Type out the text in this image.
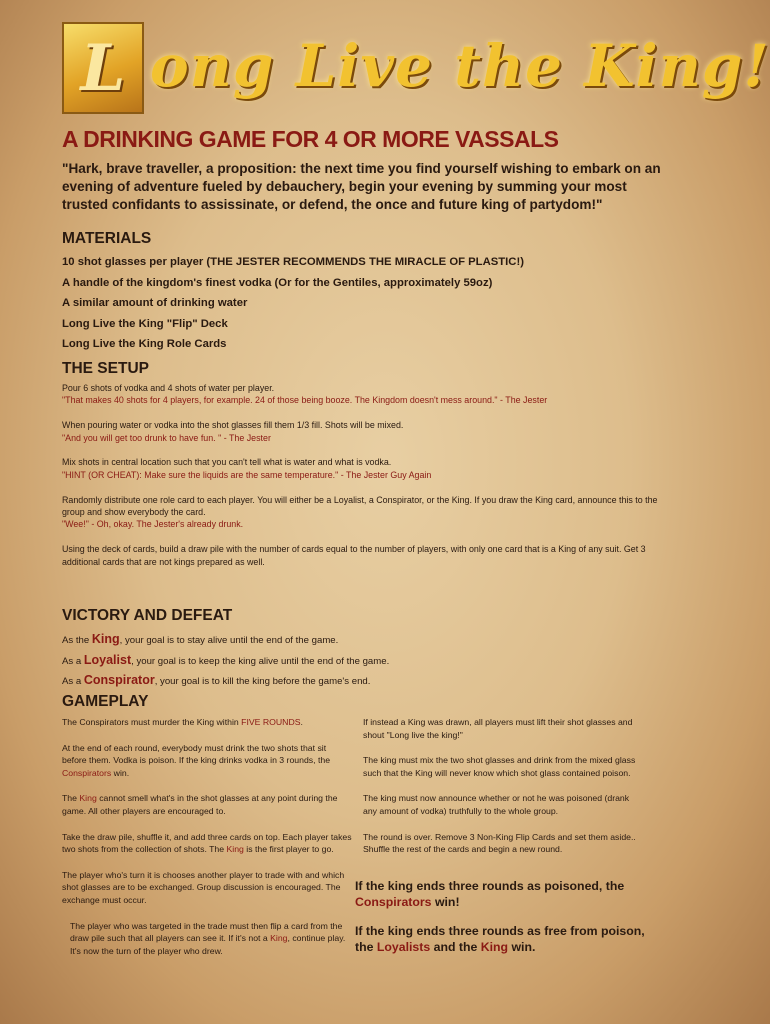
L ong Live the King!
A DRINKING GAME FOR 4 OR MORE VASSALS
"Hark, brave traveller, a proposition: the next time you find yourself wishing to embark on an evening of adventure fueled by debauchery, begin your evening by summing your most trusted confidants to assissinate, or defend, the once and future king of partydom!"
MATERIALS
10 shot glasses per player (THE JESTER RECOMMENDS THE MIRACLE OF PLASTIC!)
A handle of the kingdom's finest vodka (Or for the Gentiles, approximately 59oz)
A similar amount of drinking water
Long Live the King "Flip" Deck
Long Live the King Role Cards
THE SETUP

Pour 6 shots of vodka and 4 shots of water per player.
"That makes 40 shots for 4 players, for example. 24 of those being booze. The Kingdom doesn't mess around." - The Jester

When pouring water or vodka into the shot glasses fill them 1/3 fill. Shots will be mixed.
"And you will get too drunk to have fun. " - The Jester

Mix shots in central location such that you can't tell what is water and what is vodka.
"HINT (OR CHEAT): Make sure the liquids are the same temperature." - The Jester Guy Again

Randomly distribute one role card to each player. You will either be a Loyalist, a Conspirator, or the King. If you draw the King card, announce this to the group and show everybody the card.
"Wee!" - Oh, okay. The Jester's already drunk.

Using the deck of cards, build a draw pile with the number of cards equal to the number of players, with only one card that is a King of any suit. Get 3 additional cards that are not kings prepared as well.

VICTORY AND DEFEAT
As the King, your goal is to stay alive until the end of the game.
As a Loyalist, your goal is to keep the king alive until the end of the game.
As a Conspirator, your goal is to kill the king before the game's end.
GAMEPLAY

The Conspirators must murder the King within FIVE ROUNDS.

At the end of each round, everybody must drink the two shots that sit before them. Vodka is poison. If the king drinks vodka in 3 rounds, the Conspirators win.

The King cannot smell what's in the shot glasses at any point during the game. All other players are encouraged to.

Take the draw pile, shuffle it, and add three cards on top. Each player takes two shots from the collection of shots. The King is the first player to go.

The player who's turn it is chooses another player to trade with and which shot glasses are to be exchanged. Group discussion is encouraged. The exchange must occur.

The player who was targeted in the trade must then flip a card from the draw pile such that all players can see it. If it's not a King, continue play. It's now the turn of the player who drew.

If instead a King was drawn, all players must lift their shot glasses and shout "Long live the king!"

The king must mix the two shot glasses and drink from the mixed glass such that the King will never know which shot glass contained poison.

The king must now announce whether or not he was poisoned (drank any amount of vodka) truthfully to the whole group.

The round is over. Remove 3 Non-King Flip Cards and set them aside.. Shuffle the rest of the cards and begin a new round.

If the king ends three rounds as poisoned, the Conspirators win!

If the king ends three rounds as free from poison, the Loyalists and the King win.
